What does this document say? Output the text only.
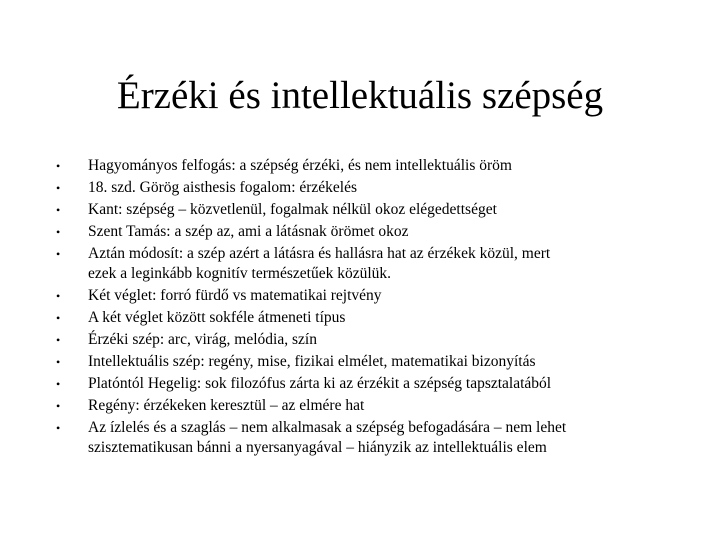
Érzéki és intellektuális szépség
•	Hagyományos felfogás: a szépség érzéki, és nem intellektuális öröm
•	18. szd. Görög aisthesis fogalom: érzékelés
•	Kant: szépség – közvetlenül, fogalmak nélkül okoz elégedettséget
•	Szent Tamás: a szép az, ami a látásnak örömet okoz
•	Aztán módosít: a szép azért a látásra és hallásra hat az érzékek közül, mert
ezek a leginkább kognitív természetűek közülük.
•	Két véglet: forró fürdő vs matematikai rejtvény
•	A két véglet között sokféle átmeneti típus
•	Érzéki szép: arc, virág, melódia, szín
•	Intellektuális szép: regény, mise, fizikai elmélet, matematikai bizonyítás
•	Platóntól Hegelig: sok filozófus zárta ki az érzékit a szépség tapsztalatából
•	Regény: érzékeken keresztül – az elmére hat
•	Az ízlelés és a szaglás – nem alkalmasak a szépség befogadására – nem lehet
szisztematikusan bánni a nyersanyagával – hiányzik az intellektuális elem
